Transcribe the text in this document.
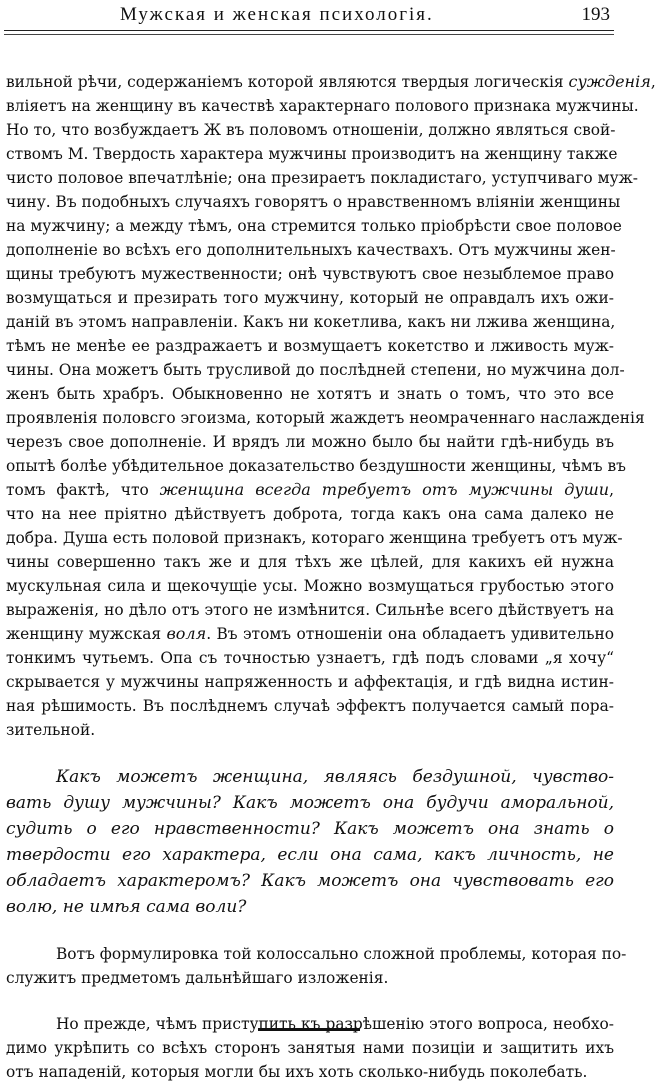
Мужская и женская психологія.	193
вильной рѣчи, содержаніемъ которой являются твердыя логическія сужденія,
вліяетъ на женщину въ качествѣ характернаго полового признака мужчины.
Но то, что возбуждаетъ Ж въ половомъ отношеніи, должно являться свой-
ствомъ М. Твердость характера мужчины производитъ на женщину также
чисто половое впечатлѣніе; она презираетъ покладистаго, уступчиваго муж-
чину. Въ подобныхъ случаяхъ говорятъ о нравственномъ вліяніи женщины
на мужчину; а между тѣмъ, она стремится только пріобрѣсти свое половое
дополненіе во всѣхъ его дополнительныхъ качествахъ. Отъ мужчины жен-
щины требуютъ мужественности; онѣ чувствуютъ свое незыблемое право
возмущаться и презирать того мужчину, который не оправдалъ ихъ ожи-
даній въ этомъ направленіи. Какъ ни кокетлива, какъ ни лжива женщина,
тѣмъ не менѣе ее раздражаетъ и возмущаетъ кокетство и лживость муж-
чины. Она можетъ быть трусливой до послѣдней степени, но мужчина дол-
женъ быть храбръ. Обыкновенно не хотятъ и знать о томъ, что это все
проявленія половсго эгоизма, который жаждетъ неомраченнаго наслажденія
черезъ свое дополненіе. И врядъ ли можно было бы найти гдѣ-нибудь въ
опытѣ болѣе убѣдительное доказательство бездушности женщины, чѣмъ въ
томъ фактѣ, что женщина всегда требуетъ отъ мужчины души,
что на нее пріятно дѣйствуетъ доброта, тогда какъ она сама далеко не
добра. Душа есть половой признакъ, котораго женщина требуетъ отъ муж-
чины совершенно такъ же и для тѣхъ же цѣлей, для какихъ ей нужна
мускульная сила и щекочущіе усы. Можно возмущаться грубостью этого
выраженія, но дѣло отъ этого не измѣнится. Сильнѣе всего дѣйствуетъ на
женщину мужская воля. Въ этомъ отношеніи она обладаетъ удивительно
тонкимъ чутьемъ. Опа съ точностью узнаетъ, гдѣ подъ словами „я хочу“
скрывается у мужчины напряженность и аффектація, и гдѣ видна истин-
ная рѣшимость. Въ послѣднемъ случаѣ эффектъ получается самый пора-
зительной.
Какъ можетъ женщина, являясь бездушной, чувство-
вать душу мужчины? Какъ можетъ она будучи аморальной,
судить о его нравственности? Какъ можетъ она знать о
твердости его характера, если она сама, какъ личность, не
обладаетъ характеромъ? Какъ можетъ она чувствовать его
волю, не имѣя сама воли?
Вотъ формулировка той колоссально сложной проблемы, которая по-
служитъ предметомъ дальнѣйшаго изложенія.
Но прежде, чѣмъ приступить къ разрѣшенію этого вопроса, необхо-
димо укрѣпить со всѣхъ сторонъ занятыя нами позиціи и защитить ихъ
отъ нападеній, которыя могли бы ихъ хоть сколько-нибудь поколебать.
